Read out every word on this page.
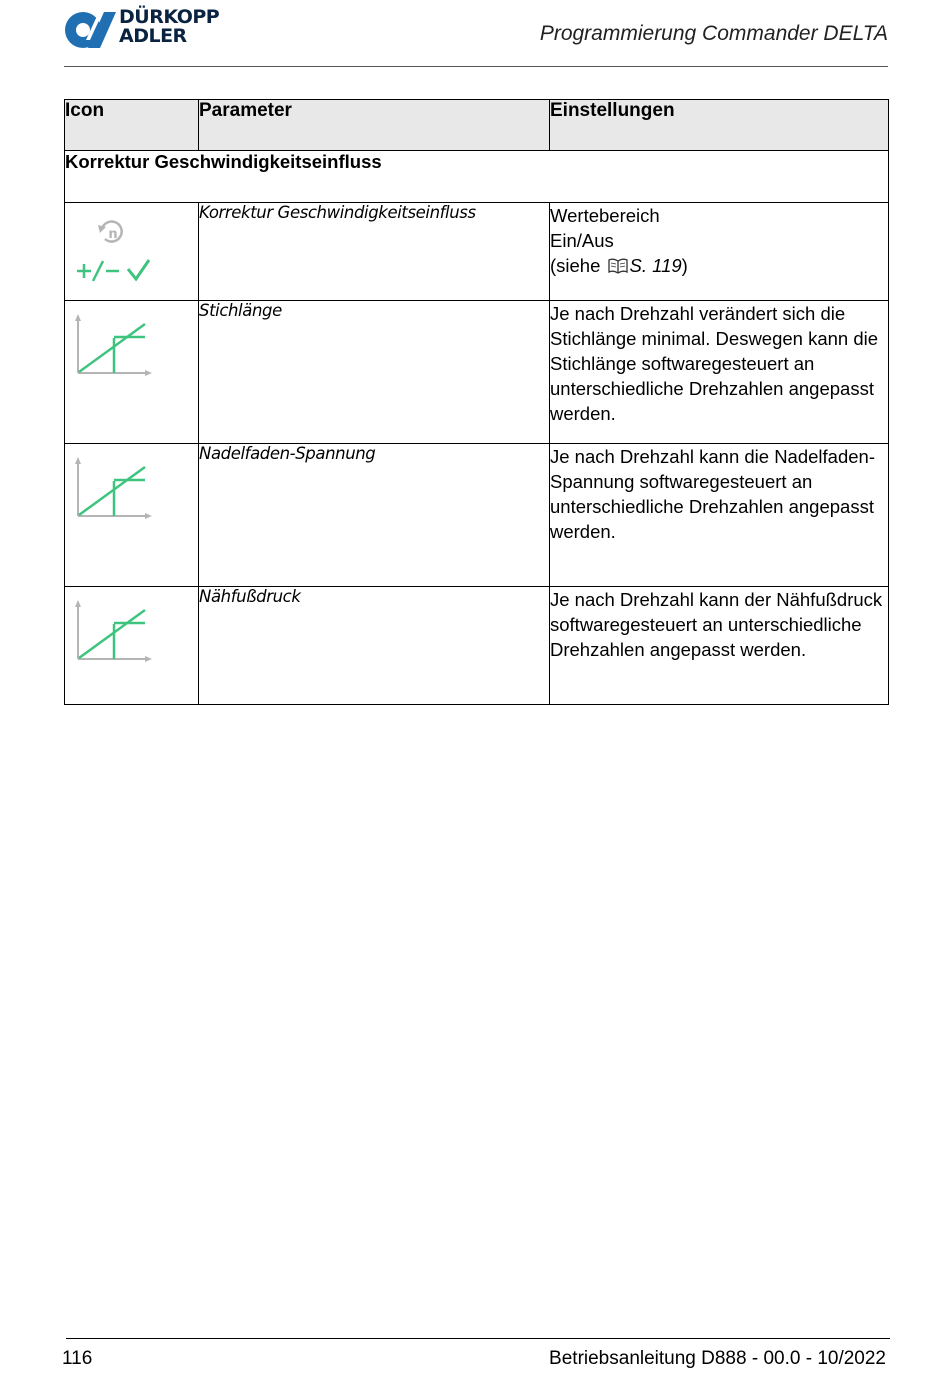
DÜRKOPP
ADLER	Programmierung Commander DELTA
Icon	Parameter	Einstellungen
Korrektur Geschwindigkeitseinfluss		

n	Korrektur Geschwindigkeitseinfluss	Wertebereich
Ein/Aus
(siehe S. 119)

	Stichlänge	Je nach Drehzahl verändert sich die Stichlänge minimal. Deswegen kann die Stichlänge softwaregesteuert an unterschiedliche Drehzahlen angepasst werden.
	Nadelfaden-Spannung	Je nach Drehzahl kann die Nadelfaden-Spannung softwaregesteuert an unterschiedliche Drehzahlen angepasst werden.
	Nähfußdruck	Je nach Drehzahl kann der Nähfußdruck softwaregesteuert an unterschiedliche Drehzahlen angepasst werden.
116	Betriebsanleitung D888 - 00.0 - 10/2022
